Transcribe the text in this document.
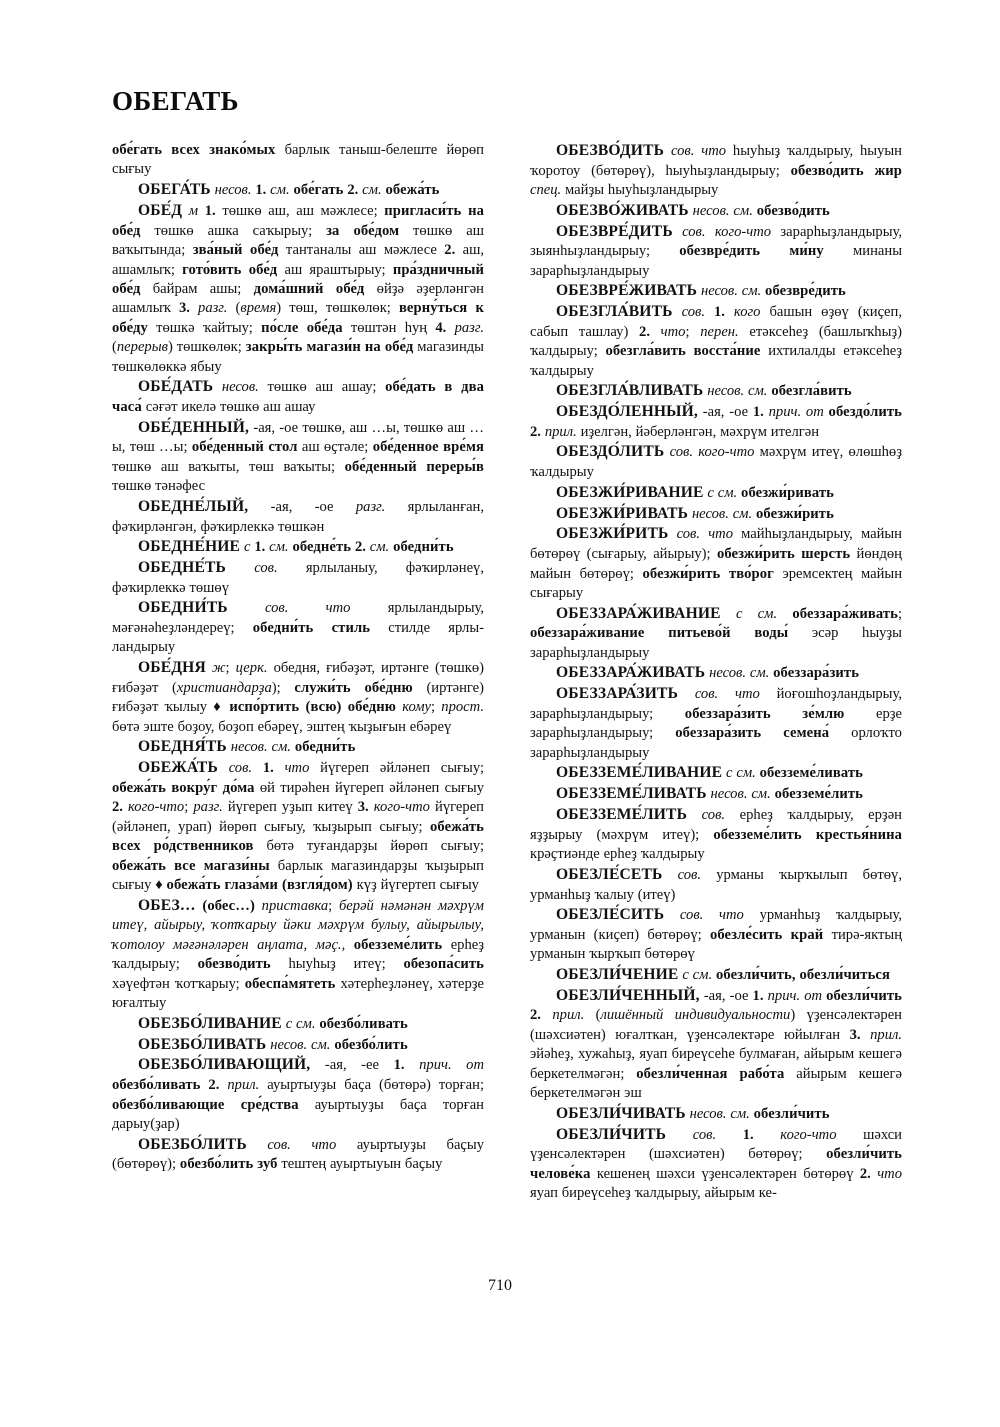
ОБЕГАТЬ

обе́гать всех знако́мых барлык таныш-белеште йөрөп сығыу

ОБЕГА́ТЬ несов. 1. см. обе́гать 2. см. обежа́ть

ОБЕ́Д м 1. төшкө аш, аш мәжлесе; пригласи́ть на обе́д төшкө ашка саҡырыу; за обе́дом төшкө аш ваҡытында; зва́ный обе́д тантаналы аш мәжлесе 2. аш, ашамлыҡ; гото́вить обе́д аш яраштырыу; пра́здничный обе́д байрам ашы; дома́шний обе́д өйҙә әҙерләнгән ашамлыҡ 3. разг. (время) төш, төшкөлөк; верну́ться к обе́ду төшкә ҡайтыу; по́сле обе́да төштән һуң 4. разг. (перерыв) төшкөлөк; закры́ть магази́н на обе́д магазинды төшкөлөккә ябыу

ОБЕ́ДАТЬ несов. төшкө аш ашау; обе́дать в два часа́ сәғәт икелә төшкө аш ашау

ОБЕ́ДЕННЫЙ, -ая, -ое төшкө, аш …ы, төшкө аш …ы, төш …ы; обе́денный стол аш өҫтәле; обе́денное вре́мя төшкө аш ваҡыты, төш ваҡыты; обе́денный переры́в төшкө тәнәфес

ОБЕДНЕ́ЛЫЙ, -ая, -ое разг. ярлыланған, фәҡирләнгән, фәҡирлеккә төшкән

ОБЕДНЕ́НИЕ с 1. см. обедне́ть 2. см. обедни́ть

ОБЕДНЕ́ТЬ сов. ярлыланыу, фәҡирләнеү, фәҡирлеккә төшөү

ОБЕДНИ́ТЬ	сов.	что ярлыландырыу, мәғәнәһеҙләндереү; обедни́ть стиль стилде ярлыландырыу

ОБЕ́ДНЯ ж; церк. обедня, ғибәҙәт, иртәнге (төшкө) ғибәҙәт (христиандарҙа); служи́ть обе́дню (иртәнге) ғибәҙәт ҡылыу ♦ испо́ртить (всю) обе́дню кому; прост. бөтә эште боҙоу, боҙоп ебәреү, эштең ҡыҙығын ебәреү

ОБЕДНЯ́ТЬ несов. см. обедни́ть

ОБЕЖА́ТЬ сов. 1. что йүгереп әйләнеп сығыу; обежа́ть вокру́г до́ма өй тирәһен йүгереп әйләнеп сығыу 2. кого-что; разг. йүгереп уҙып китеү 3. кого-что йүгереп (әйләнеп, урап) йөрөп сығыу, ҡыҙырып сығыу; обежа́ть всех ро́дственников бөтә туғандарҙы йөрөп сығыу; обежа́ть все магази́ны барлык магазиндарҙы ҡыҙырып сығыу ♦ обежа́ть глаза́ми (взгля́дом) күҙ йүгертеп сығыу

ОБЕЗ… (обес…) приставка; берәй нәмәнән мәхрүм итеү, айырыу, ҡотҡарыу йәки мәхрүм булыу, айырылыу, ҡотолоу мәғәнәләрен аңлата, мәҫ., обезземе́лить ерһеҙ ҡалдырыу; обезво́дить һыуһыҙ итеү; обезопа́сить хәүефтән ҡотҡарыу; обеспа́мятеть хәтерһеҙләнеү, хәтерҙе юғалтыу

ОБЕЗБО́ЛИВАНИЕ с см. обезбо́ливать

ОБЕЗБО́ЛИВАТЬ несов. см. обезбо́лить

ОБЕЗБО́ЛИВАЮЩИЙ, -ая, -ее 1. прич. от обезбо́ливать 2. прил. ауыртыуҙы баҫа (бөтөрә) торған; обезбо́ливающие сре́дства ауыртыуҙы баҫа торған дарыу(ҙар)

ОБЕЗБО́ЛИТЬ сов. что ауыртыуҙы баҫыу (бөтөрөү); обезбо́лить зуб тештең ауыртыуын баҫыу

ОБЕЗВО́ДИТЬ сов. что һыуһыҙ ҡалдырыу, һыуын ҡоротоу (бөтөрөү), һыуһыҙландырыу; обезво́дить жир спец. майҙы һыуһыҙландырыу

ОБЕЗВО́ЖИВАТЬ несов. см. обезво́дить

ОБЕЗВРЕ́ДИТЬ сов. кого-что зарарһыҙландырыу, зыянһыҙландырыу; обезвре́дить ми́ну минаны зарарһыҙландырыу

ОБЕЗВРЕ́ЖИВАТЬ несов. см. обезвре́дить

ОБЕЗГЛА́ВИТЬ сов. 1. кого башын өҙөү (киҫеп, сабып ташлау) 2. что; перен. етәксеһеҙ (башлыҡһыҙ) ҡалдырыу; обезгла́вить восста́ние ихтилалды етәксеһеҙ ҡалдырыу

ОБЕЗГЛА́ВЛИВАТЬ несов. см. обезгла́вить

ОБЕЗДО́ЛЕННЫЙ, -ая, -ое 1. прич. от обездо́лить 2. прил. иҙелгән, йәберләнгән, мәхрүм ителгән

ОБЕЗДО́ЛИТЬ сов. кого-что мәхрүм итеү, өлөшһөҙ ҡалдырыу

ОБЕЗЖИ́РИВАНИЕ с см. обезжи́ривать

ОБЕЗЖИ́РИВАТЬ несов. см. обезжи́рить

ОБЕЗЖИ́РИТЬ сов. что майһыҙландырыу, майын бөтөрөү (сығарыу, айырыу); обезжи́рить шерсть йөндөң майын бөтөрөү; обезжи́рить тво́рог эремсектең майын сығарыу

ОБЕЗЗАРА́ЖИВАНИЕ с см. обеззара́живать; обеззара́живание питьево́й воды́ эсәр һыуҙы зарарһыҙландырыу

ОБЕЗЗАРА́ЖИВАТЬ несов. см. обеззара́зить

ОБЕЗЗАРА́ЗИТЬ сов. что йоғошһоҙландырыу, зарарһыҙландырыу; обеззара́зить зе́млю ерҙе зарарһыҙландырыу; обеззара́зить семена́ орлоҡто зарарһыҙландырыу

ОБЕЗЗЕМЕ́ЛИВАНИЕ с см. обезземе́ливать

ОБЕЗЗЕМЕ́ЛИВАТЬ несов. см. обезземе́лить

ОБЕЗЗЕМЕ́ЛИТЬ сов. ерһеҙ ҡалдырыу, ерҙән яҙҙырыу (мәхрүм итеү); обезземе́лить крестья́нина крәҫтиәнде ерһеҙ ҡалдырыу

ОБЕЗЛЕ́СЕТЬ сов. урманы ҡырҡылып бөтөү, урманһыҙ ҡалыу (итеү)

ОБЕЗЛЕ́СИТЬ сов. что урманһыҙ ҡалдырыу, урманын (киҫеп) бөтөрөү; обезле́сить край тирә-яктың урманын ҡырҡып бөтөрөү

ОБЕЗЛИ́ЧЕНИЕ с см. обезли́чить, обезли́читься

ОБЕЗЛИ́ЧЕННЫЙ, -ая, -ое 1. прич. от обезли́чить 2. прил. (лишённый индивидуальности) үҙенсәлектәрен (шәхсиәтен) юғалткан, үҙенсәлектәре юйылған 3. прил. эйәһеҙ, хужаһыҙ, яуап биреүсеһе булмаған, айырым кешегә беркетелмәгән; обезли́ченная рабо́та айырым кешегә беркетелмәгән эш

ОБЕЗЛИ́ЧИВАТЬ несов. см. обезли́чить

ОБЕЗЛИ́ЧИТЬ сов. 1. кого-что шәхси үҙенсәлектәрен (шәхсиәтен) бөтөрөү; обезли́чить челове́ка кешенең шәхси үҙенсәлектәрен бөтөрөү 2. что яуап биреүсеһеҙ ҡалдырыу, айырым ке-

710
